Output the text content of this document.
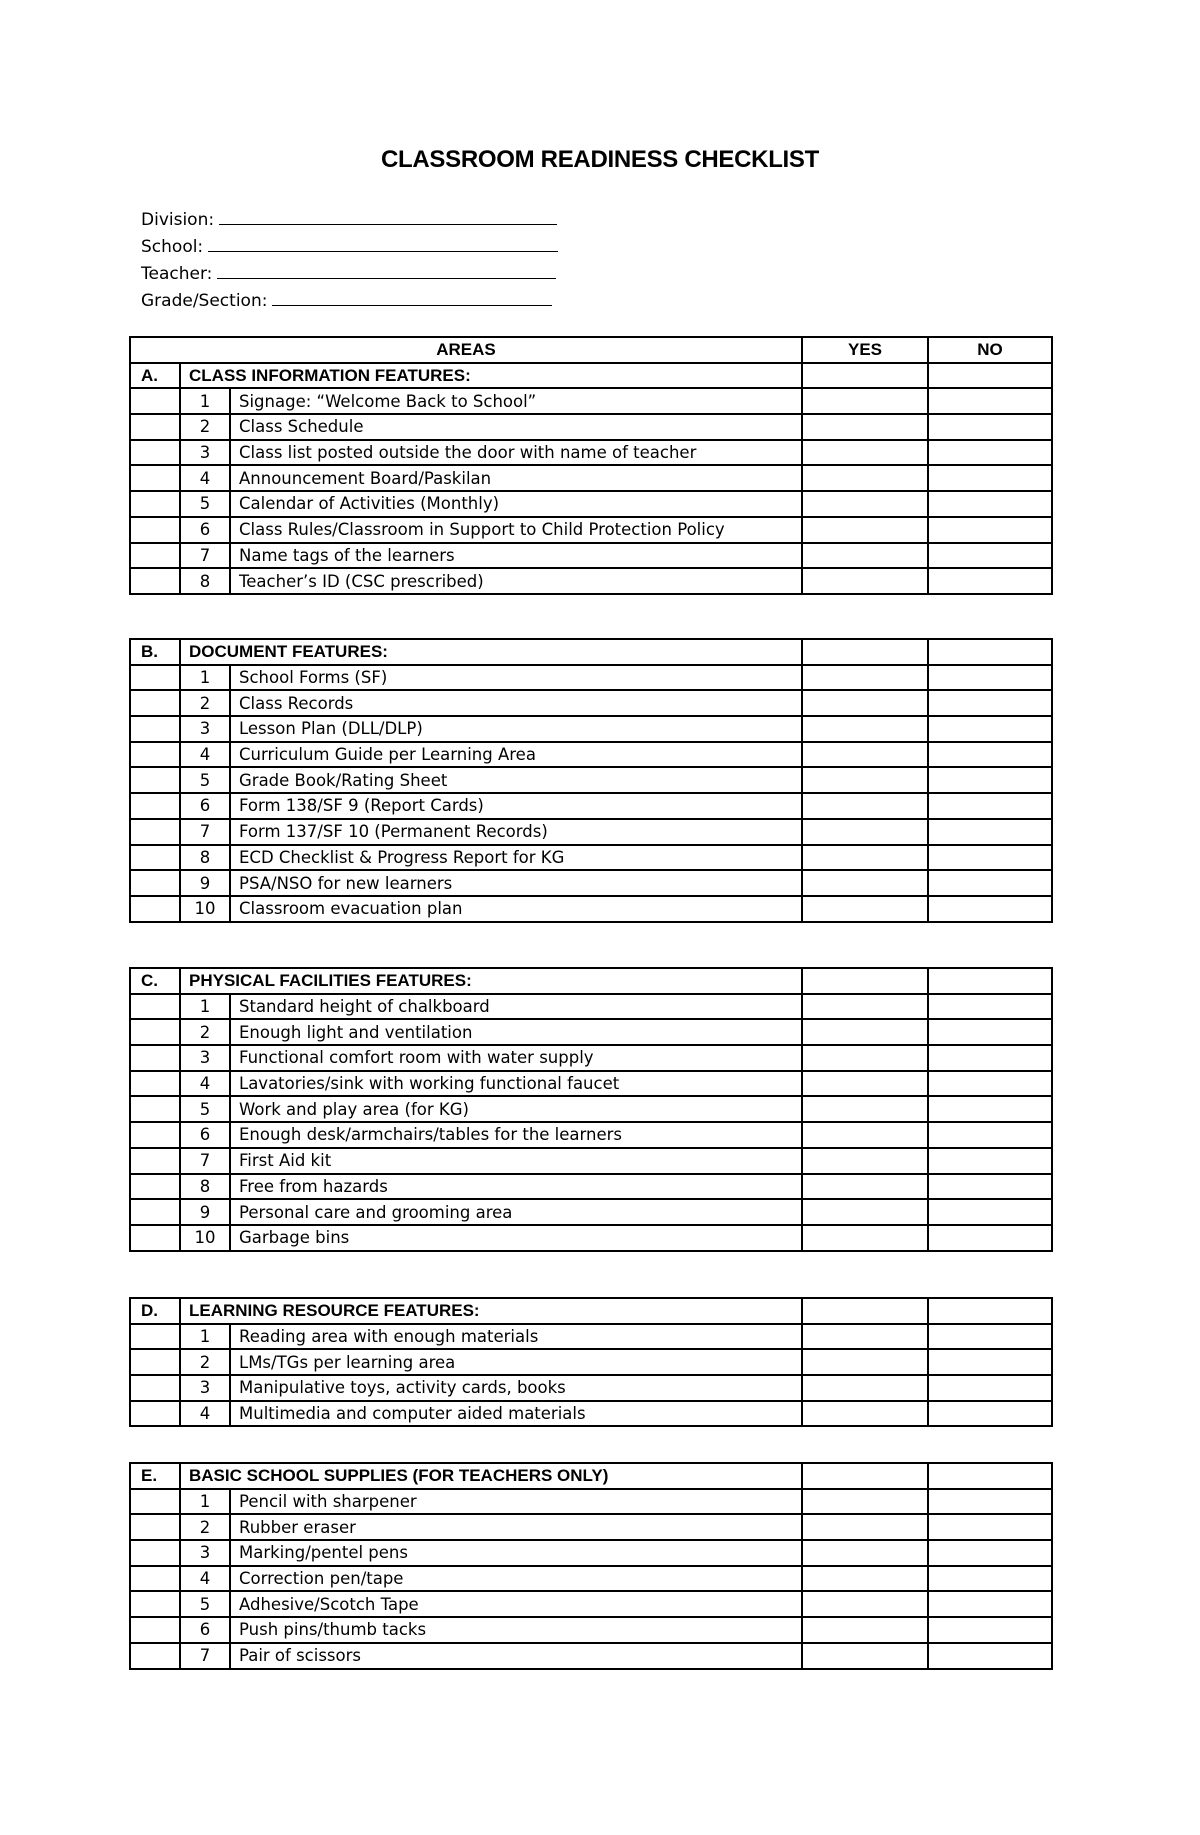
CLASSROOM READINESS CHECKLIST
Division:
School:
Teacher:
Grade/Section:
AREAS			YES	NO
A.	CLASS INFORMATION FEATURES:			
	1	Signage: “Welcome Back to School”		
	2	Class Schedule		
	3	Class list posted outside the door with name of teacher		
	4	Announcement Board/Paskilan		
	5	Calendar of Activities (Monthly)		
	6	Class Rules/Classroom in Support to Child Protection Policy		
	7	Name tags of the learners		
	8	Teacher’s ID (CSC prescribed)		
B.	DOCUMENT FEATURES:			
	1	School Forms (SF)		
	2	Class Records		
	3	Lesson Plan (DLL/DLP)		
	4	Curriculum Guide per Learning Area		
	5	Grade Book/Rating Sheet		
	6	Form 138/SF 9 (Report Cards)		
	7	Form 137/SF 10 (Permanent Records)		
	8	ECD Checklist & Progress Report for KG		
	9	PSA/NSO for new learners		
	10	Classroom evacuation plan		
C.	PHYSICAL FACILITIES FEATURES:			
	1	Standard height of chalkboard		
	2	Enough light and ventilation		
	3	Functional comfort room with water supply		
	4	Lavatories/sink with working functional faucet		
	5	Work and play area (for KG)		
	6	Enough desk/armchairs/tables for the learners		
	7	First Aid kit		
	8	Free from hazards		
	9	Personal care and grooming area		
	10	Garbage bins		
D.	LEARNING RESOURCE FEATURES:			
	1	Reading area with enough materials		
	2	LMs/TGs per learning area		
	3	Manipulative toys, activity cards, books		
	4	Multimedia and computer aided materials		
E.	BASIC SCHOOL SUPPLIES (FOR TEACHERS ONLY)			
	1	Pencil with sharpener		
	2	Rubber eraser		
	3	Marking/pentel pens		
	4	Correction pen/tape		
	5	Adhesive/Scotch Tape		
	6	Push pins/thumb tacks		
	7	Pair of scissors		
